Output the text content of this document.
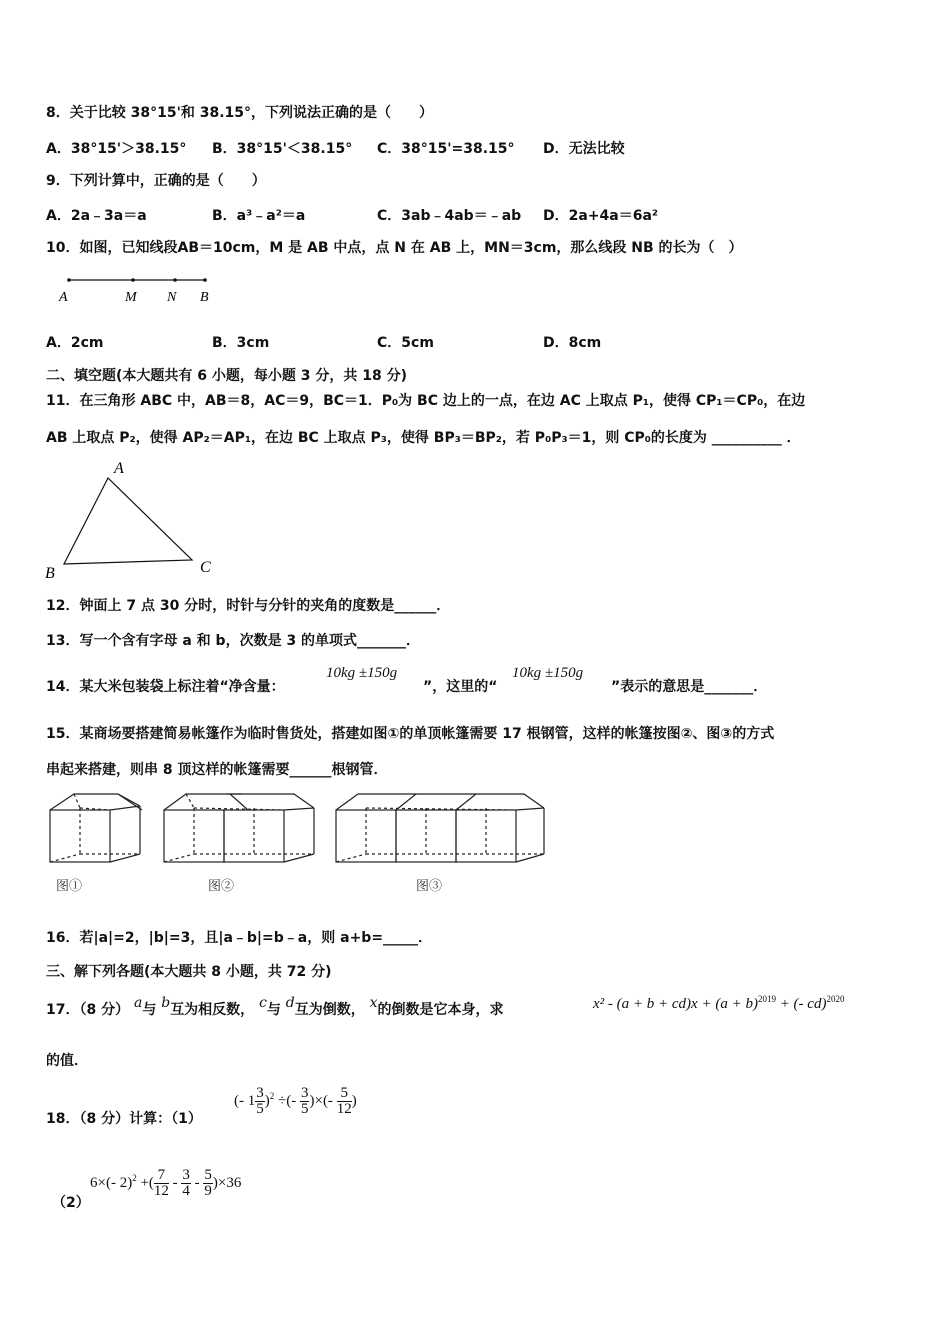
8．关于比较 38°15'和 38.15°，下列说法正确的是（　　）
A．38°15'＞38.15° B．38°15'＜38.15° C．38°15'=38.15° D．无法比较
9．下列计算中，正确的是（　　）
A．2a﹣3a＝a	B．a³﹣a²＝a	C．3ab﹣4ab＝﹣ab D．2a+4a＝6a²
10．如图，已知线段AB＝10cm，M 是 AB 中点，点 N 在 AB 上，MN＝3cm，那么线段 NB 的长为（　）
A	M N B
A．2cm	B．3cm	C．5cm	D．8cm
二、填空题(本大题共有 6 小题，每小题 3 分，共 18 分)
11．在三角形 ABC 中，AB＝8，AC＝9，BC＝1．P₀为 BC 边上的一点，在边 AC 上取点 P₁，使得 CP₁＝CP₀，在边
AB 上取点 P₂，使得 AP₂＝AP₁，在边 BC 上取点 P₃，使得 BP₃＝BP₂，若 P₀P₃＝1，则 CP₀的长度为 __________ ．
A
B	C
12．钟面上 7 点 30 分时，时针与分针的夹角的度数是______．
13．写一个含有字母 a 和 b，次数是 3 的单项式_______．
14．某大米包装袋上标注着“净含量：
10kg ±150g
”，这里的“
10kg ±150g
”表示的意思是_______．
15．某商场要搭建简易帐篷作为临时售货处，搭建如图①的单顶帐篷需要 17 根钢管，这样的帐篷按图②、图③的方式
串起来搭建，则串 8 顶这样的帐篷需要______根钢管．
图①	图②	图③
16．若|a|=2，|b|=3，且|a﹣b|=b﹣a，则 a+b=_____．
三、解下列各题(本大题共 8 小题，共 72 分)
17．（8 分） a与 b互为相反数， c与 d互为倒数， x的倒数是它本身，求	$x^2 - (a + b + cd)x + (a + b)^{2019}$ + (- cd)$^{2020}$
的值．
18．（8 分）计算：（1）
(- $1 \frac{3}{5} )^2$ ÷(- $\frac{3}{5}$ )×(- $\frac{5}{12}$ )
（2）
6×(- 2)$^2$ +( $\frac{7}{12} - \frac{3}{4} - \frac{5}{9} )\times 36$
